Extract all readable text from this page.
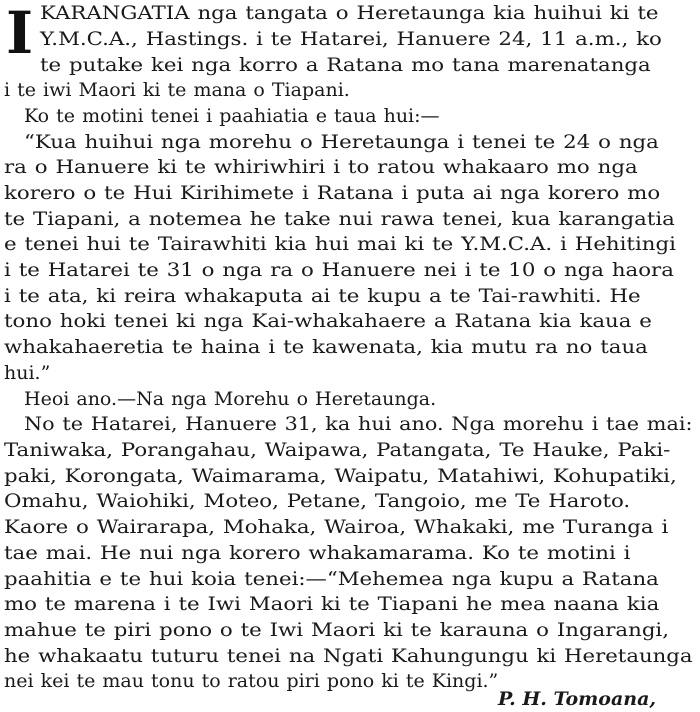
I KARANGATIA nga tangata o Heretaunga kia huihui ki te
Y.M.C.A., Hastings. i te Hatarei, Hanuere 24, 11 a.m., ko
te putake kei nga korro a Ratana mo tana marenatanga
i te iwi Maori ki te mana o Tiapani.
Ko te motini tenei i paahiatia e taua hui:—
“Kua huihui nga morehu o Heretaunga i tenei te 24 o nga
ra o Hanuere ki te whiriwhiri i to ratou whakaaro mo nga
korero o te Hui Kirihimete i Ratana i puta ai nga korero mo
te Tiapani, a notemea he take nui rawa tenei, kua karangatia
e tenei hui te Tairawhiti kia hui mai ki te Y.M.C.A. i Hehitingi
i te Hatarei te 31 o nga ra o Hanuere nei i te 10 o nga haora
i te ata, ki reira whakaputa ai te kupu a te Tai-rawhiti. He
tono hoki tenei ki nga Kai-whakahaere a Ratana kia kaua e
whakahaeretia te haina i te kawenata, kia mutu ra no taua
hui.”
Heoi ano.—Na nga Morehu o Heretaunga.
No te Hatarei, Hanuere 31, ka hui ano. Nga morehu i tae mai:
Taniwaka, Porangahau, Waipawa, Patangata, Te Hauke, Paki-
paki, Korongata, Waimarama, Waipatu, Matahiwi, Kohupatiki,
Omahu, Waiohiki, Moteo, Petane, Tangoio, me Te Haroto.
Kaore o Wairarapa, Mohaka, Wairoa, Whakaki, me Turanga i
tae mai. He nui nga korero whakamarama. Ko te motini i
paahitia e te hui koia tenei:—“Mehemea nga kupu a Ratana
mo te marena i te Iwi Maori ki te Tiapani he mea naana kia
mahue te piri pono o te Iwi Maori ki te karauna o Ingarangi,
he whakaatu tuturu tenei na Ngati Kahungungu ki Heretaunga
nei kei te mau tonu to ratou piri pono ki te Kingi.”
P. H. Tomoana,
